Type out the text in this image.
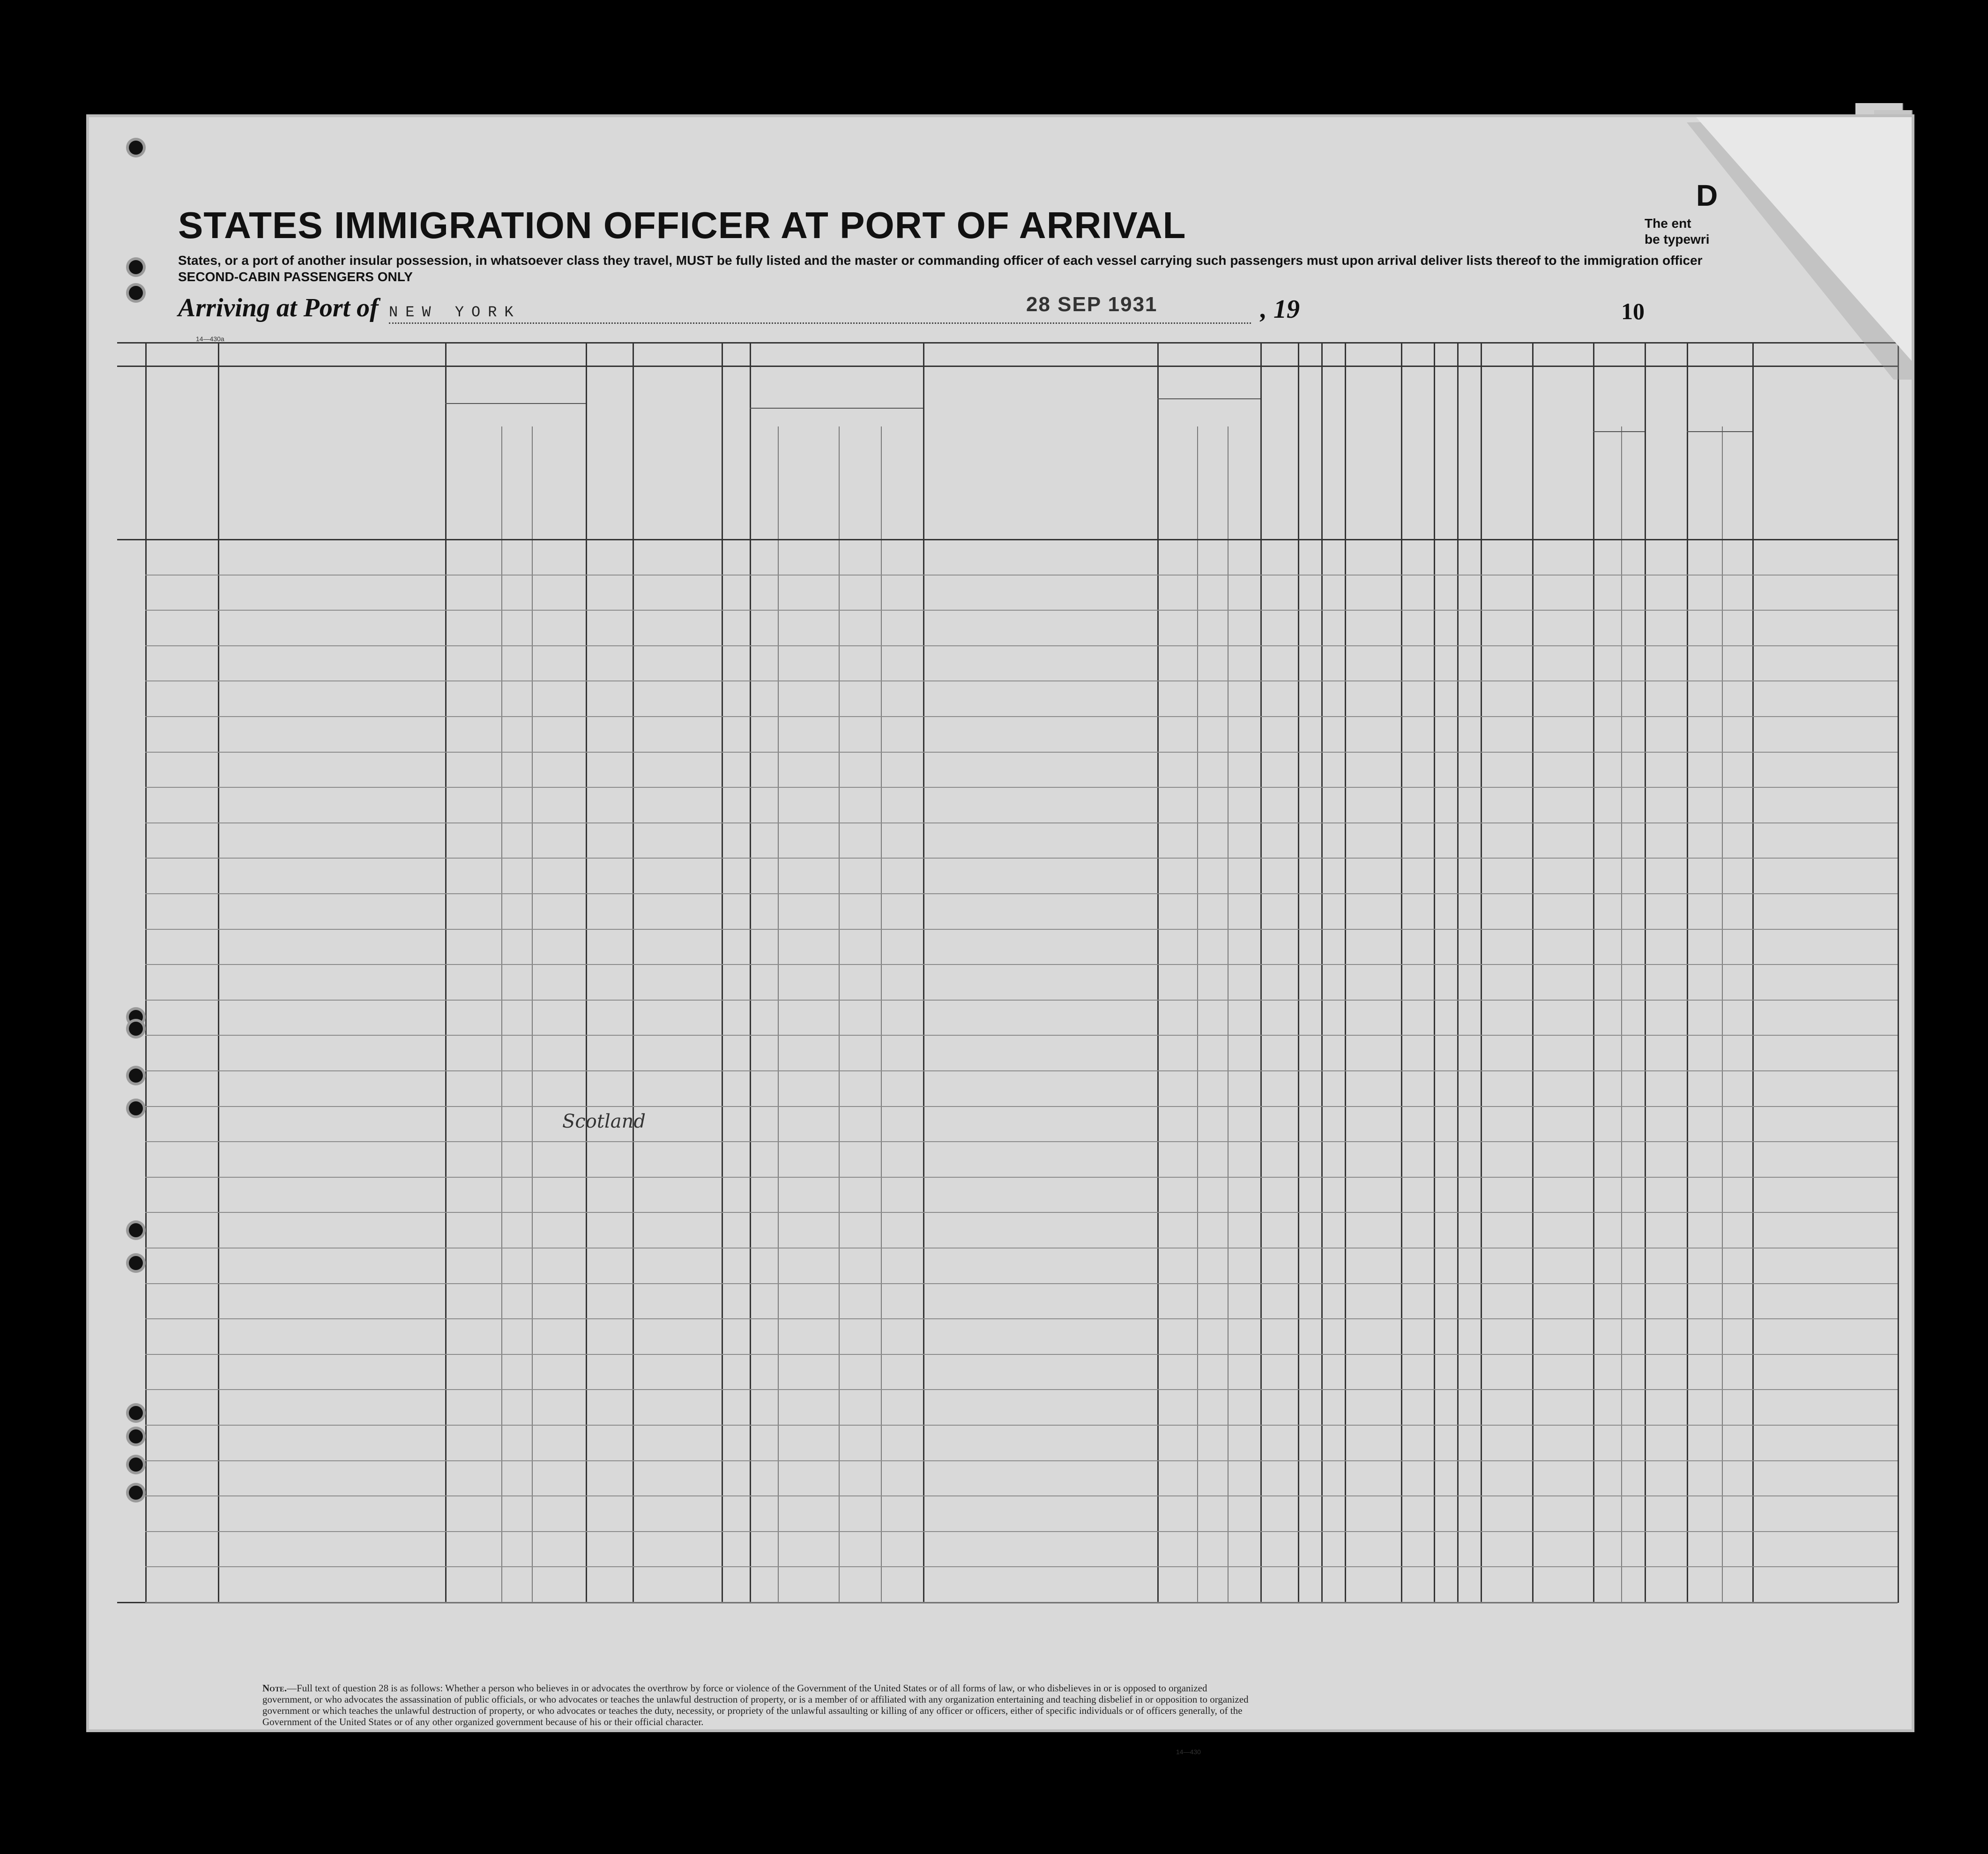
STATES IMMIGRATION OFFICER AT PORT OF ARRIVAL
States, or a port of another insular possession, in whatsoever class they travel, MUST be fully listed and the master or commanding officer of each vessel carrying such passengers must upon arrival deliver lists thereof to the immigration officer
SECOND-CABIN PASSENGERS ONLY
D
The ent
be typewri
Arriving at Port of NEW YORK	28 SEP 1931	, 19	10
14—430a
Scotland
Note.—Full text of question 28 is as follows: Whether a person who believes in or advocates the overthrow by force or violence of the Government of the United States or of all forms of law, or who disbelieves in or is opposed to organized government, or who advocates the assassination of public officials, or who advocates or teaches the unlawful destruction of property, or is a member of or affiliated with any organization entertaining and teaching disbelief in or opposition to organized government or which teaches the unlawful destruction of property, or who advocates or teaches the duty, necessity, or propriety of the unlawful assaulting or killing of any officer or officers, either of specific individuals or of officers generally, of the Government of the United States or of any other organized government because of his or their official character.
14—430
